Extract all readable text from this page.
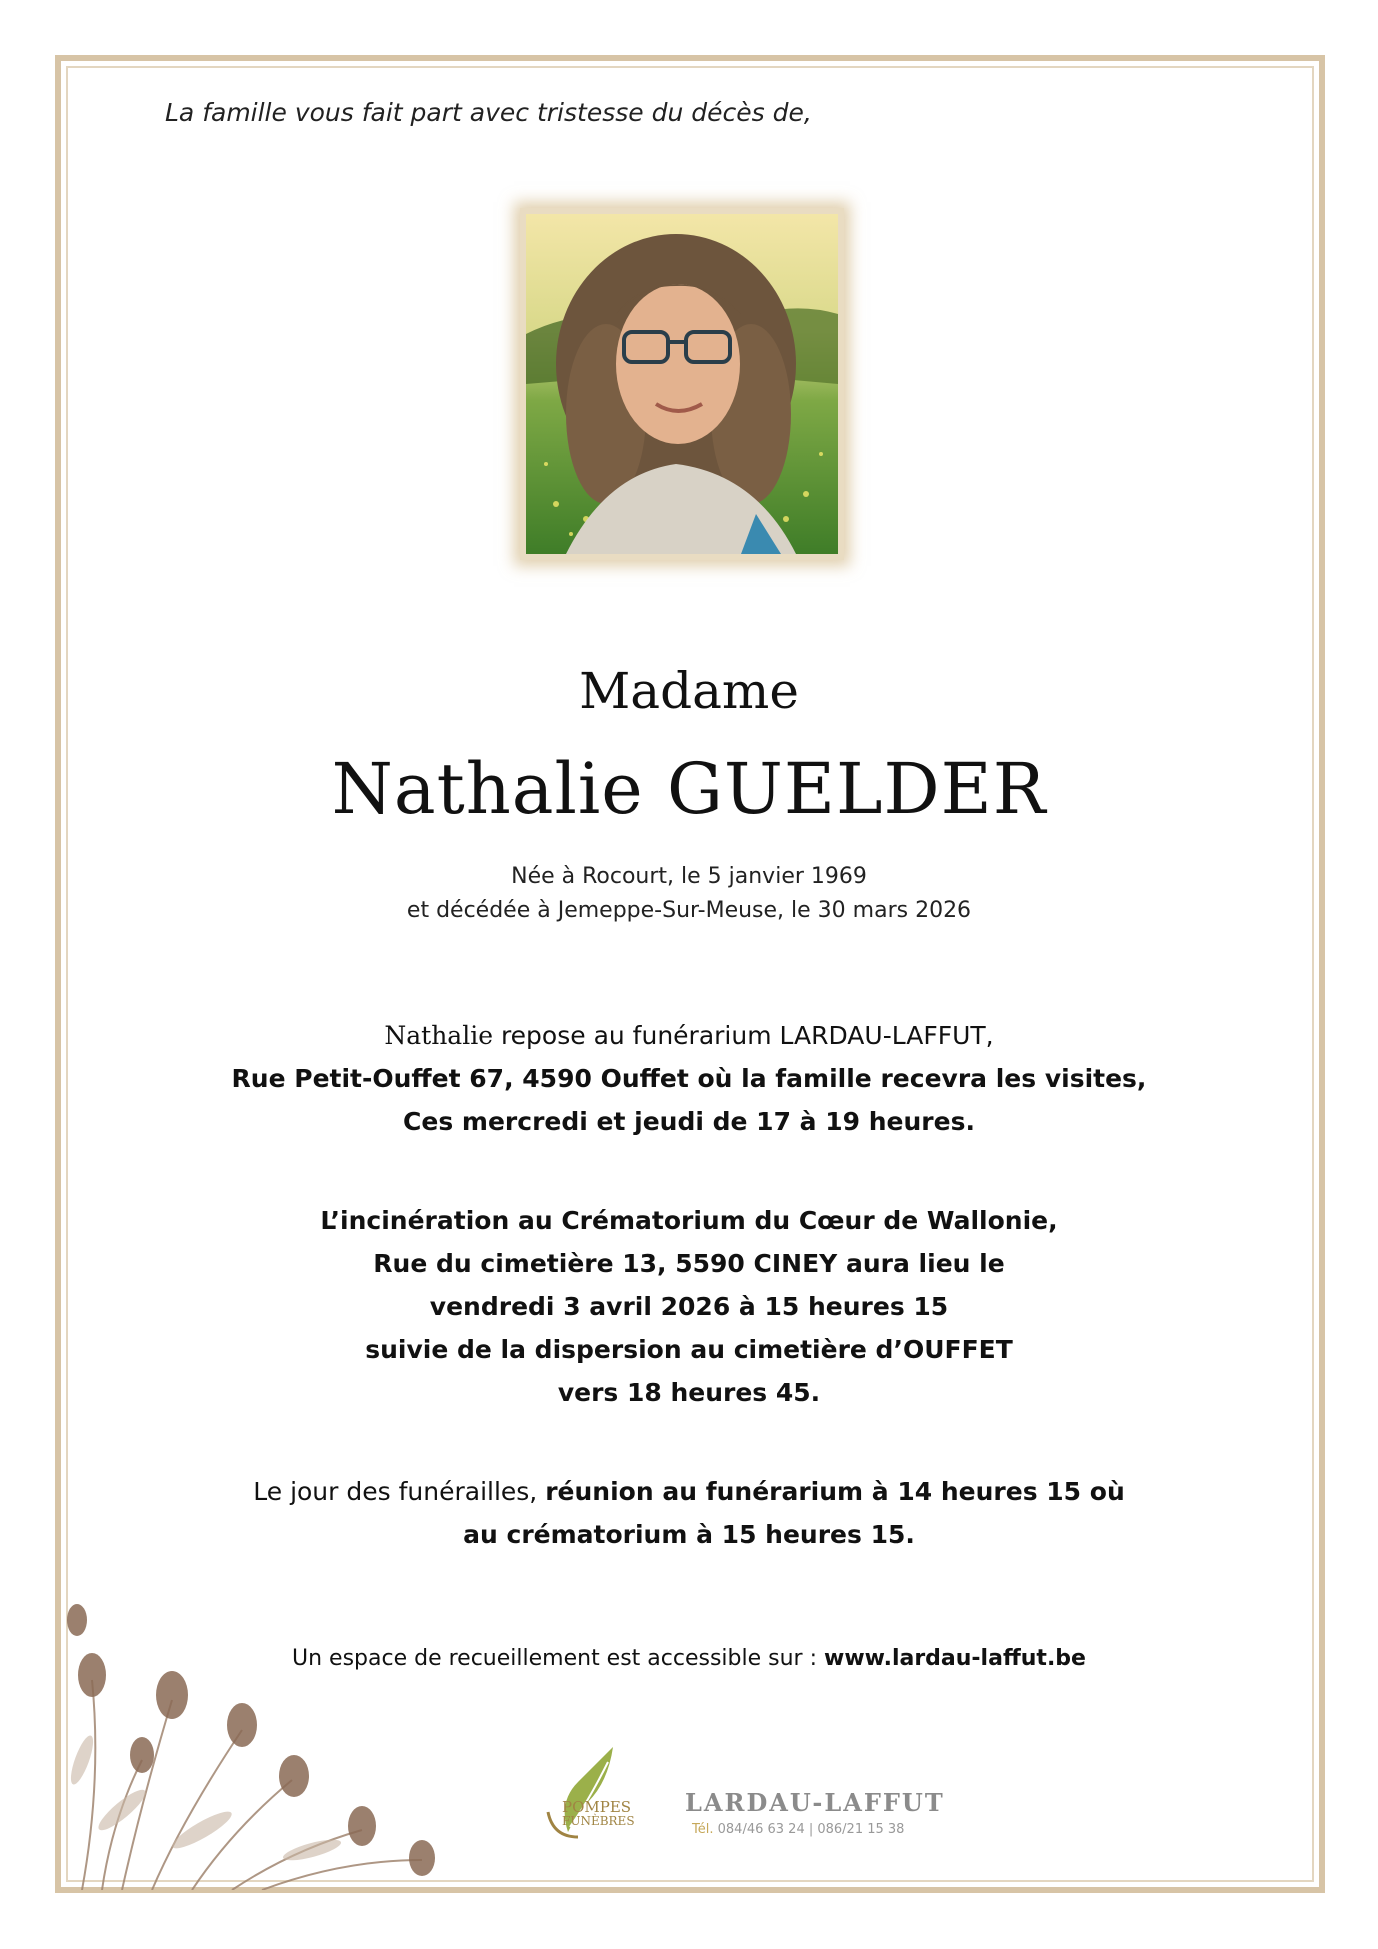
La famille vous fait part avec tristesse du décès de,
Madame
Nathalie GUELDER
Née à Rocourt, le 5 janvier 1969
et décédée à Jemeppe-Sur-Meuse, le 30 mars 2026
Nathalie repose au funérarium LARDAU-LAFFUT,
Rue Petit-Ouffet 67, 4590 Ouffet où la famille recevra les visites,
Ces mercredi et jeudi de 17 à 19 heures.
L’incinération au Crématorium du Cœur de Wallonie,
Rue du cimetière 13, 5590 CINEY aura lieu le
vendredi 3 avril 2026 à 15 heures 15
suivie de la dispersion au cimetière d’OUFFET
vers 18 heures 45.
Le jour des funérailles, réunion au funérarium à 14 heures 15 où
au crématorium à 15 heures 15.
Un espace de recueillement est accessible sur : www.lardau-laffut.be
POMPES
FUNÈBRES
LARDAU-LAFFUT
Tél. 084/46 63 24 | 086/21 15 38
